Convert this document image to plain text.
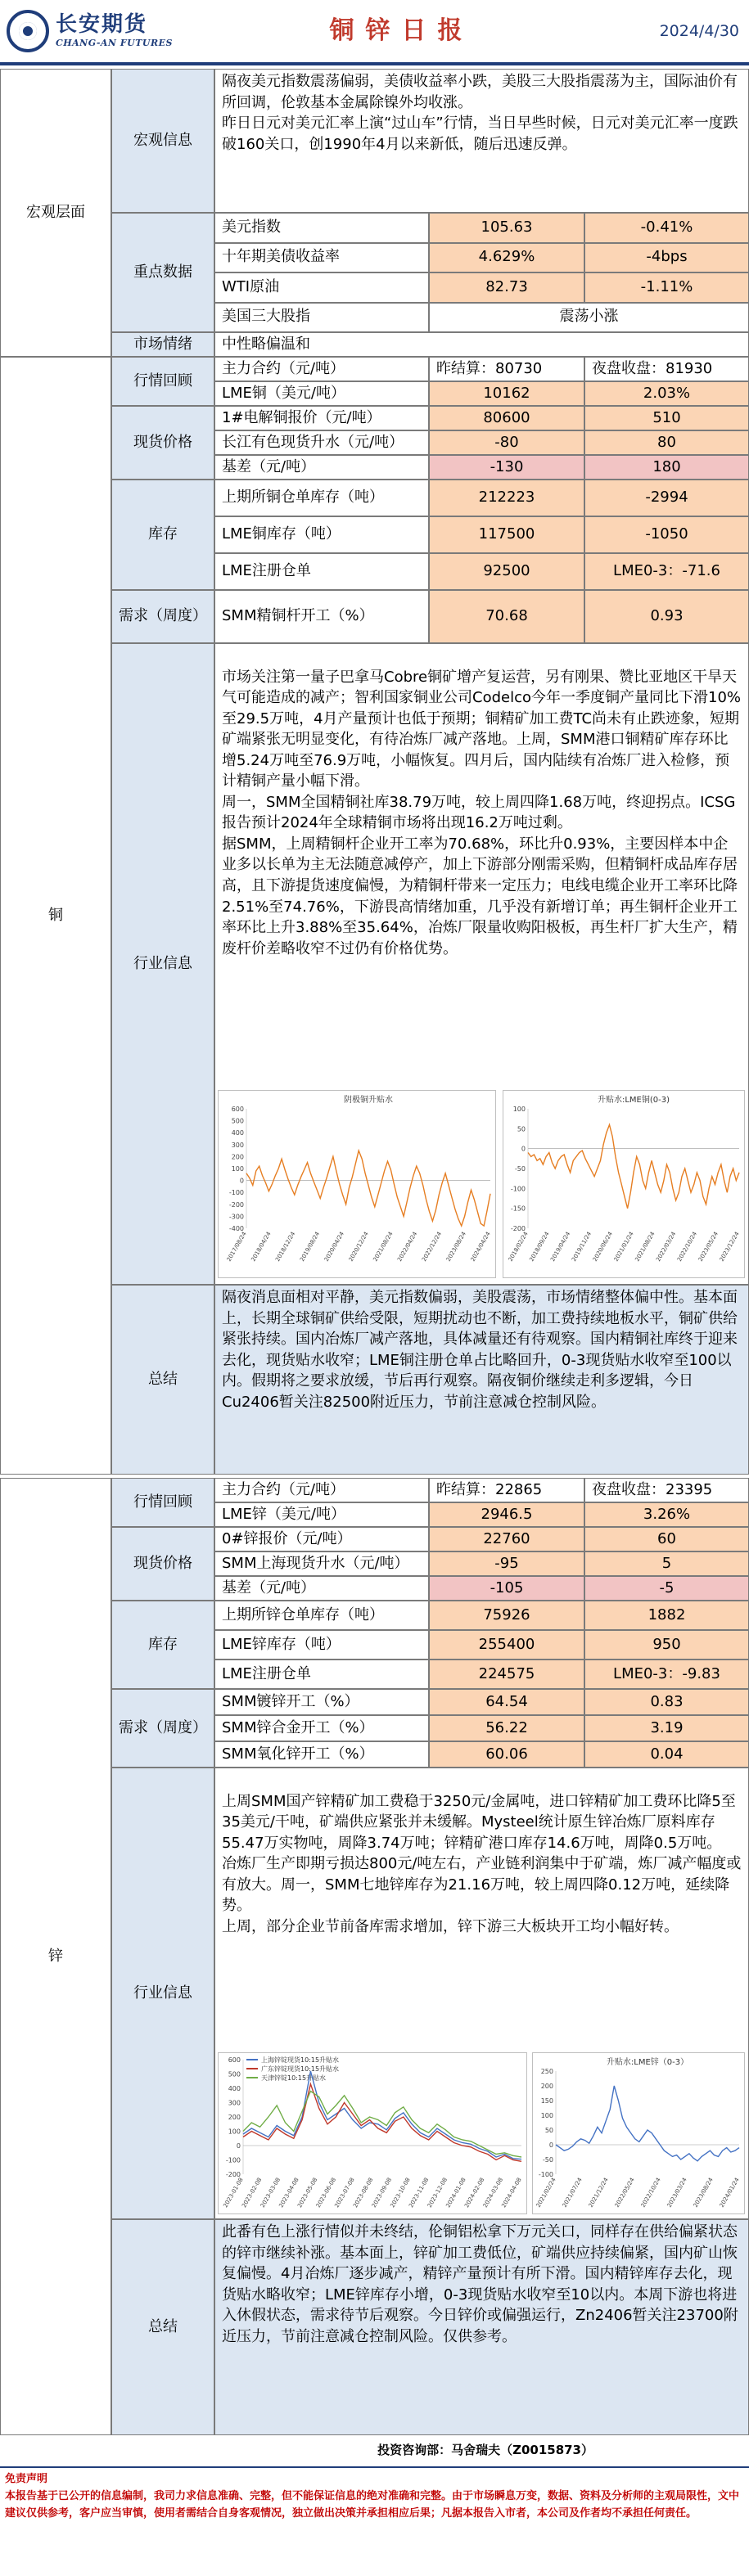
长安期货
CHANG-AN FUTURES	铜锌日报	2024/4/30
宏观层面
宏观信息
隔夜美元指数震荡偏弱，美债收益率小跌，美股三大股指震荡为主，国际油价有所回调，伦敦基本金属除镍外均收涨。
昨日日元对美元汇率上演“过山车”行情，当日早些时候，日元对美元汇率一度跌破160关口，创1990年4月以来新低，随后迅速反弹。
重点数据
美元指数	105.63	-0.41%
十年期美债收益率	4.629%	-4bps
WTI原油	82.73	-1.11%
美国三大股指	震荡小涨
市场情绪	中性略偏温和
铜
行情回顾
主力合约（元/吨）	昨结算：80730	夜盘收盘：81930
LME铜（美元/吨）	10162	2.03%
现货价格
1#电解铜报价（元/吨）	80600	510
长江有色现货升水（元/吨）	-80	80
基差（元/吨）	-130	180
库存
上期所铜仓单库存（吨）	212223	-2994
LME铜库存（吨）	117500	-1050
LME注册仓单	92500	LME0-3：-71.6
需求（周度）	SMM精铜杆开工（%）	70.68	0.93
行业信息

市场关注第一量子巴拿马Cobre铜矿增产复运营，另有刚果、赞比亚地区干旱天气可能造成的减产；智利国家铜业公司Codelco今年一季度铜产量同比下滑10%至29.5万吨，4月产量预计也低于预期；铜精矿加工费TC尚未有止跌迹象，短期矿端紧张无明显变化，有待冶炼厂减产落地。上周，SMM港口铜精矿库存环比增5.24万吨至76.9万吨，小幅恢复。四月后，国内陆续有冶炼厂进入检修，预计精铜产量小幅下滑。
周一，SMM全国精铜社库38.79万吨，较上周四降1.68万吨，终迎拐点。ICSG报告预计2024年全球精铜市场将出现16.2万吨过剩。
据SMM，上周精铜杆企业开工率为70.68%，环比升0.93%，主要因样本中企业多以长单为主无法随意减停产，加上下游部分刚需采购，但精铜杆成品库存居高，且下游提货速度偏慢，为精铜杆带来一定压力；电线电缆企业开工率环比降2.51%至74.76%，下游畏高情绪加重，几乎没有新增订单；再生铜杆企业开工率环比上升3.88%至35.64%，冶炼厂限量收购阳极板，再生杆厂扩大生产，精废杆价差略收窄不过仍有价格优势。

阴极铜升贴水
600
500
400
300
200
100
0
-100
-200
-300
-400
2017/08/24 2018/04/24 2018/12/24 2019/08/24 2020/04/24 2020/12/24 2021/08/24 2022/04/24 2022/12/24 2023/08/24 2024/04/24
升贴水:LME铜(0-3)
100
50
0
-50
-100
-150
-200
2018/02/24
2018/09/24
2019/04/24
2019/11/24
2020/06/24
2021/01/24
2021/08/24
2022/03/24
2022/10/24
2023/05/24
2023/12/24
总结
隔夜消息面相对平静，美元指数偏弱，美股震荡，市场情绪整体偏中性。基本面上，长期全球铜矿供给受限，短期扰动也不断，加工费持续地板水平，铜矿供给紧张持续。国内冶炼厂减产落地，具体减量还有待观察。国内精铜社库终于迎来去化，现货贴水收窄；LME铜注册仓单占比略回升，0-3现货贴水收窄至100以内。假期将之要求放缓，节后再行观察。隔夜铜价继续走利多逻辑，今日Cu2406暂关注82500附近压力，节前注意减仓控制风险。
锌
行情回顾
主力合约（元/吨）	昨结算：22865	夜盘收盘：23395
LME锌（美元/吨）	2946.5	3.26%
现货价格
0#锌报价（元/吨）	22760	60
SMM上海现货升水（元/吨）	-95	5
基差（元/吨）	-105	-5
库存
上期所锌仓单库存（吨）	75926	1882
LME锌库存（吨）	255400	950
LME注册仓单	224575	LME0-3：-9.83
需求（周度）
SMM镀锌开工（%）	64.54	0.83
SMM锌合金开工（%）	56.22	3.19
SMM氧化锌开工（%）	60.06	0.04
行业信息

上周SMM国产锌精矿加工费稳于3250元/金属吨，进口锌精矿加工费环比降5至35美元/干吨，矿端供应紧张并未缓解。Mysteel统计原生锌冶炼厂原料库存55.47万实物吨，周降3.74万吨；锌精矿港口库存14.6万吨，周降0.5万吨。
冶炼厂生产即期亏损达800元/吨左右，产业链利润集中于矿端，炼厂减产幅度或有放大。周一，SMM七地锌库存为21.16万吨，较上周四降0.12万吨，延续降势。
上周，部分企业节前备库需求增加，锌下游三大板块开工均小幅好转。

上海锌锭现货10:15升贴水
广东锌锭现货10:15升贴水
天津锌锭10:15升贴水
600
500
400
300
200
100
0
-100
-200
2023-01-08
2023-02-08
2023-03-08
2023-04-08
2023-05-08
2023-06-08
2023-07-08
2023-08-08
2023-09-08
2023-10-08
2023-11-08
2023-12-08
2024-01-08
2024-02-08
2024-03-08
2024-04-08
升贴水:LME锌（0-3）
250
200
150
100
50
0
-50
-100
2021/02/24 2021/07/24 2021/12/24 2022/05/24 2022/10/24 2023/03/24 2023/08/24 2024/01/24
总结
此番有色上涨行情似并未终结，伦铜铝松拿下万元关口，同样存在供给偏紧状态的锌市继续补涨。基本面上，锌矿加工费低位，矿端供应持续偏紧，国内矿山恢复偏慢。4月冶炼厂逐步减产，精锌产量预计有所下滑。国内精锌库存去化，现货贴水略收窄；LME锌库存小增，0-3现货贴水收窄至10以内。本周下游也将进入休假状态，需求待节后观察。今日锌价或偏强运行，Zn2406暂关注23700附近压力，节前注意减仓控制风险。仅供参考。
投资咨询部：马舍瑞夫（Z0015873）
免责声明
本报告基于已公开的信息编制，我司力求信息准确、完整，但不能保证信息的绝对准确和完整。由于市场瞬息万变，数据、资料及分析师的主观局限性，文中建议仅供参考，客户应当审慎，使用者需结合自身客观情况，独立做出决策并承担相应后果；凡据本报告入市者，本公司及作者均不承担任何责任。
